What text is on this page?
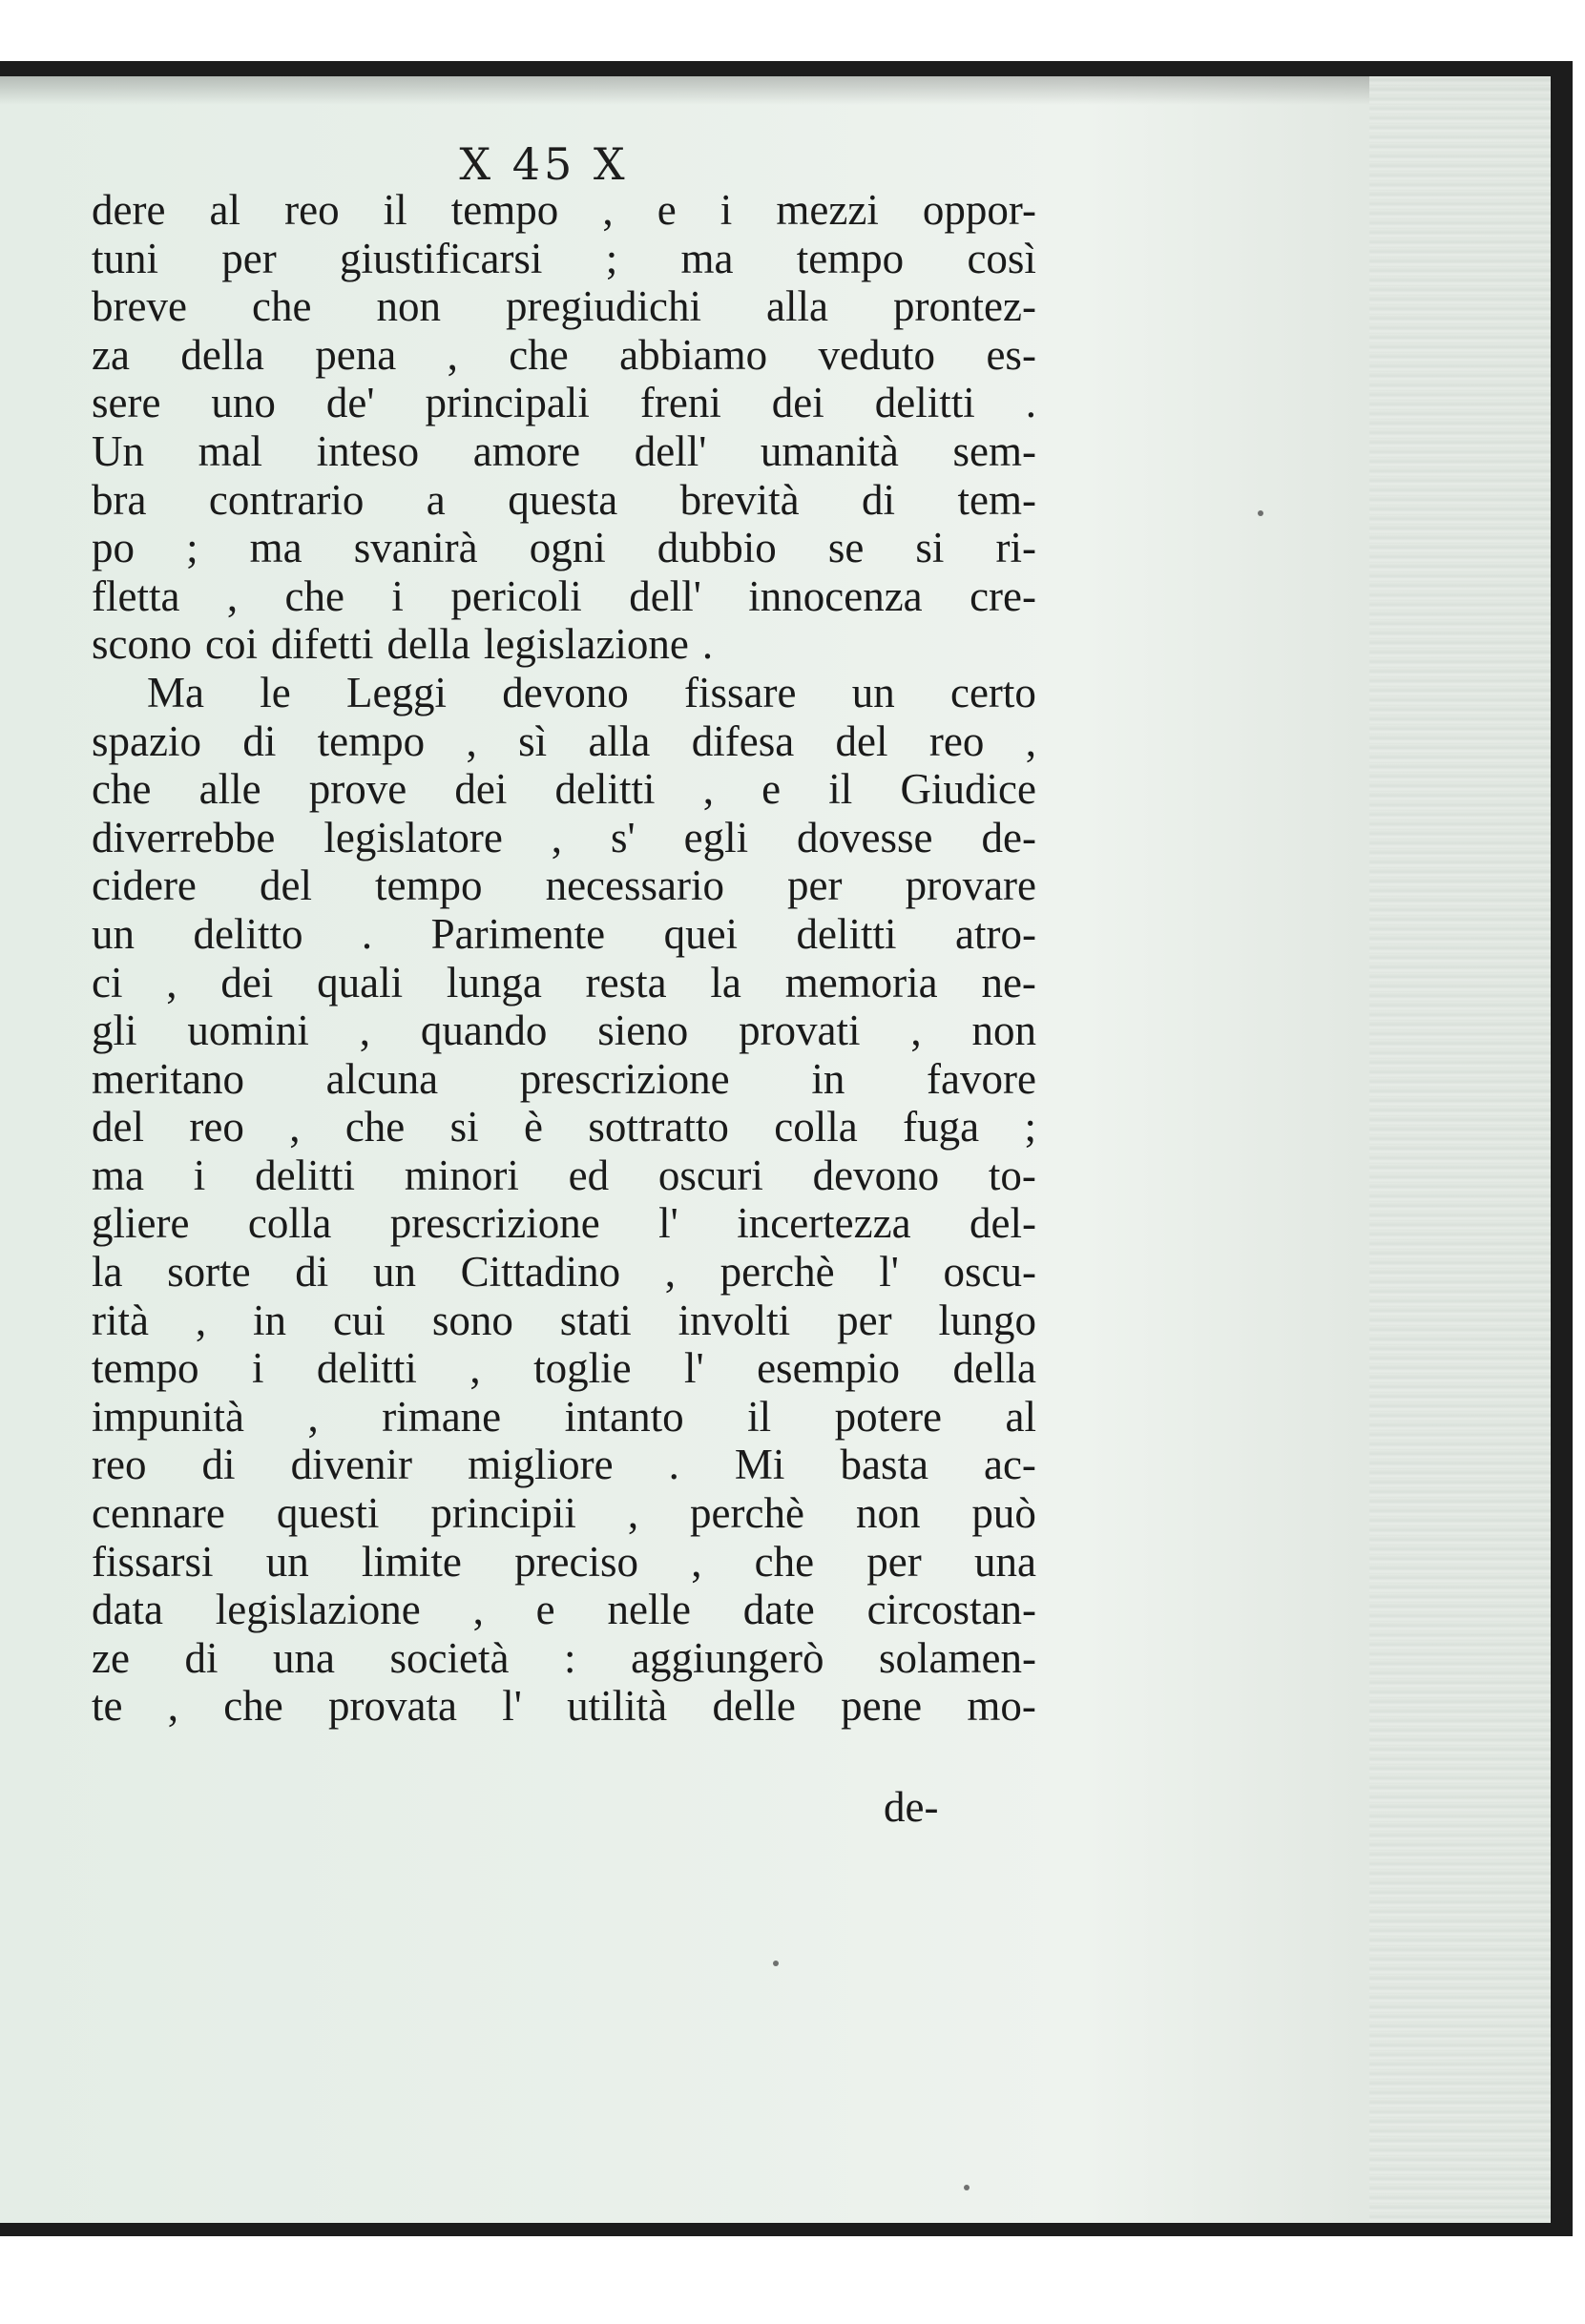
X 45 X
dere al reo il tempo , e i mezzi oppor-
tuni per giustificarsi ; ma tempo così
breve che non pregiudichi alla prontez-
za della pena , che abbiamo veduto es-
sere uno de' principali freni dei delitti .
Un mal inteso amore dell' umanità sem-
bra contrario a questa brevità di tem-
po ; ma svanirà ogni dubbio se si ri-
fletta , che i pericoli dell' innocenza cre-
scono coi difetti della legislazione .
Ma le Leggi devono fissare un certo
spazio di tempo , sì alla difesa del reo ,
che alle prove dei delitti , e il Giudice
diverrebbe legislatore , s' egli dovesse de-
cidere del tempo necessario per provare
un delitto . Parimente quei delitti atro-
ci , dei quali lunga resta la memoria ne-
gli uomini , quando sieno provati , non
meritano alcuna prescrizione in favore
del reo , che si è sottratto colla fuga ;
ma i delitti minori ed oscuri devono to-
gliere colla prescrizione l' incertezza del-
la sorte di un Cittadino , perchè l' oscu-
rità , in cui sono stati involti per lungo
tempo i delitti , toglie l' esempio della
impunità , rimane intanto il potere al
reo di divenir migliore . Mi basta ac-
cennare questi principii , perchè non può
fissarsi un limite preciso , che per una
data legislazione , e nelle date circostan-
ze di una società : aggiungerò solamen-
te , che provata l' utilità delle pene mo-
de-
